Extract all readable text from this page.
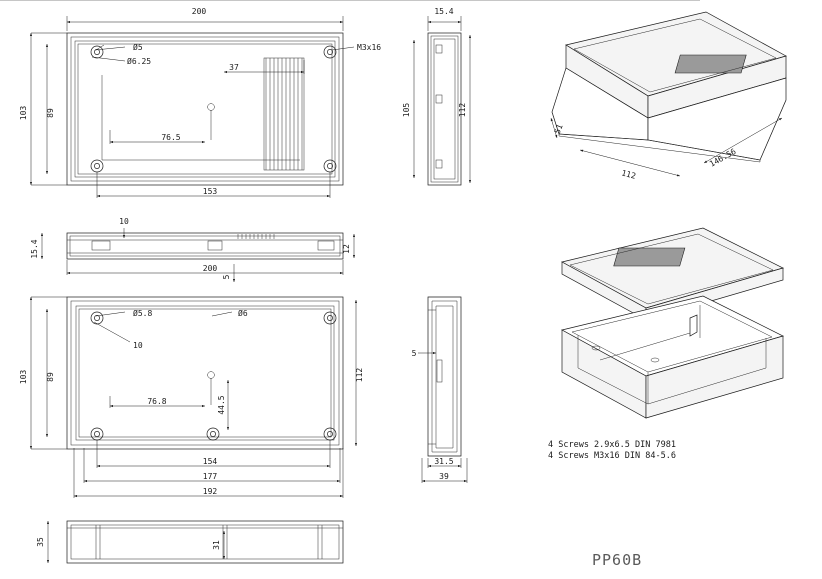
200
103 89
153
37
76.5
Ø5
Ø6.25
M3x16
15.4
105	112
15.4	12
10
200
5
103 89	112
Ø5.8	Ø6
10
76.8	44.5
154
177
192
5
31.5
39
35	31
51
146.56
112
4 Screws 2.9x6.5 DIN 7981
4 Screws M3x16 DIN 84-5.6
PP60B
